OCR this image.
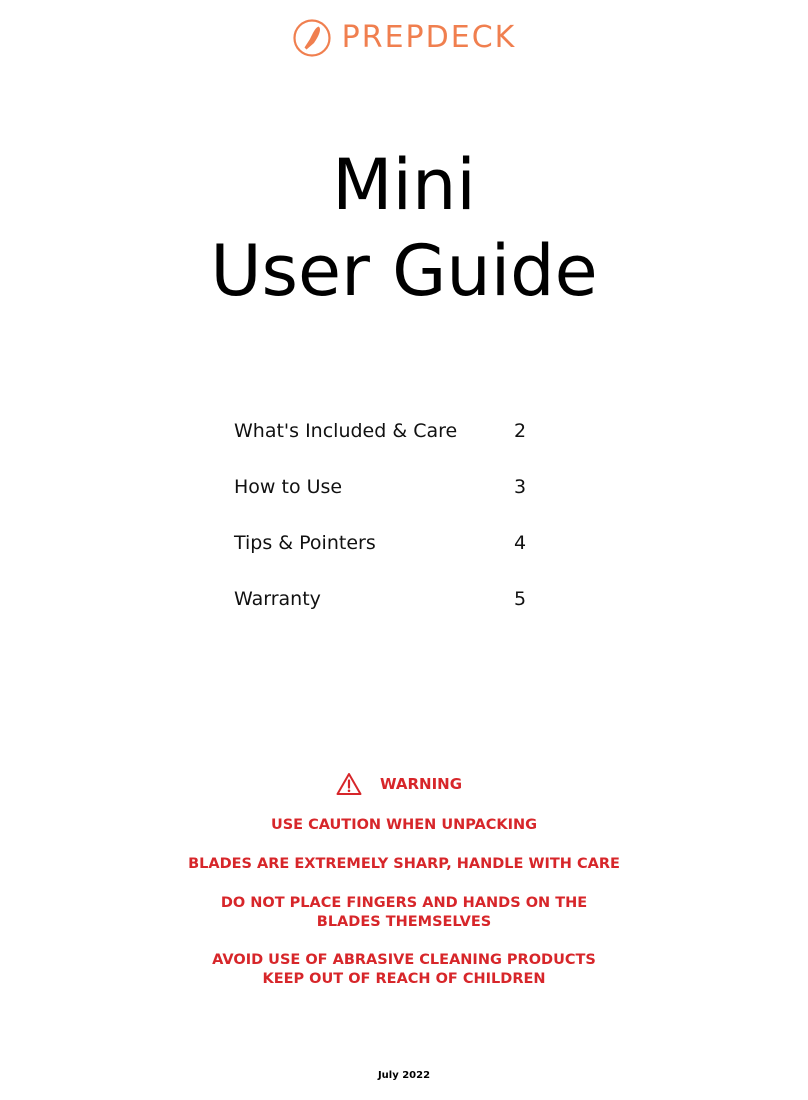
PREPDECK
Mini
User Guide
What's Included & Care	2
How to Use	3
Tips & Pointers	4
Warranty	5
WARNING

USE CAUTION WHEN UNPACKING

BLADES ARE EXTREMELY SHARP, HANDLE WITH CARE

DO NOT PLACE FINGERS AND HANDS ON THE

BLADES THEMSELVES

AVOID USE OF ABRASIVE CLEANING PRODUCTS

KEEP OUT OF REACH OF CHILDREN

July 2022
